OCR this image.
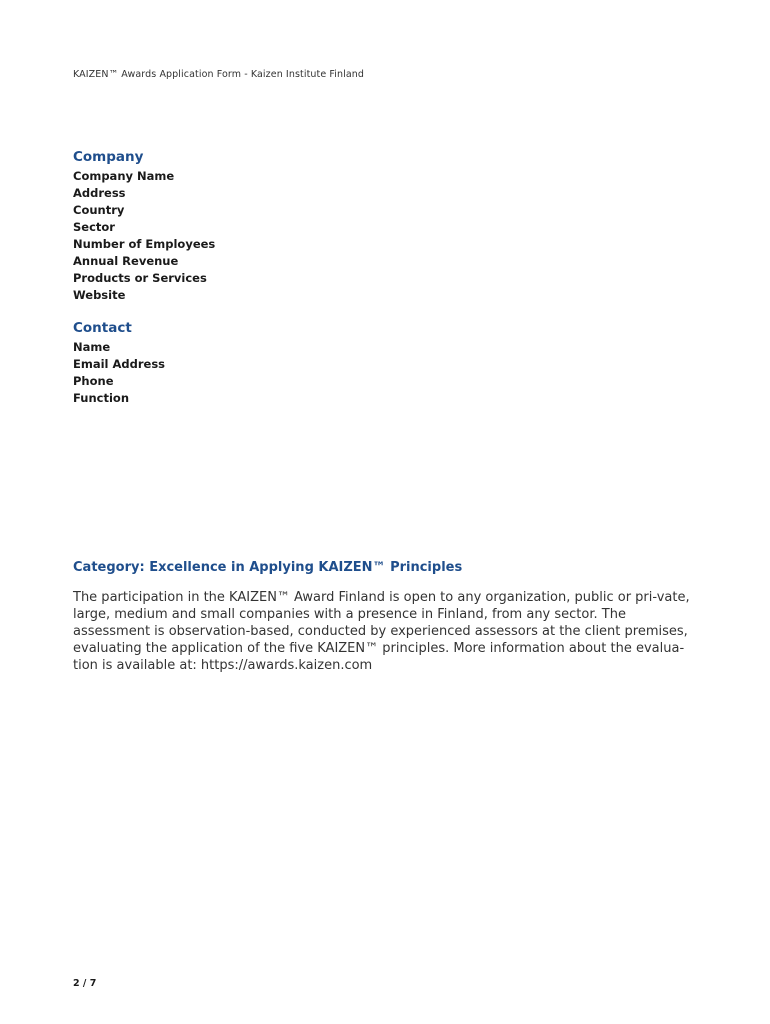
KAIZEN™ Awards Application Form - Kaizen Institute Finland
Company
Company Name
Address
Country
Sector
Number of Employees
Annual Revenue
Products or Services
Website
Contact
Name
Email Address
Phone
Function
Category: Excellence in Applying KAIZEN™ Principles

The participation in the KAIZEN™ Award Finland is open to any organization, public or pri-vate, large, medium and small companies with a presence in Finland, from any sector. The assessment is observation-based, conducted by experienced assessors at the client premises, evaluating the application of the five KAIZEN™ principles. More information about the evalua-tion is available at: https://awards.kaizen.com

2 / 7
